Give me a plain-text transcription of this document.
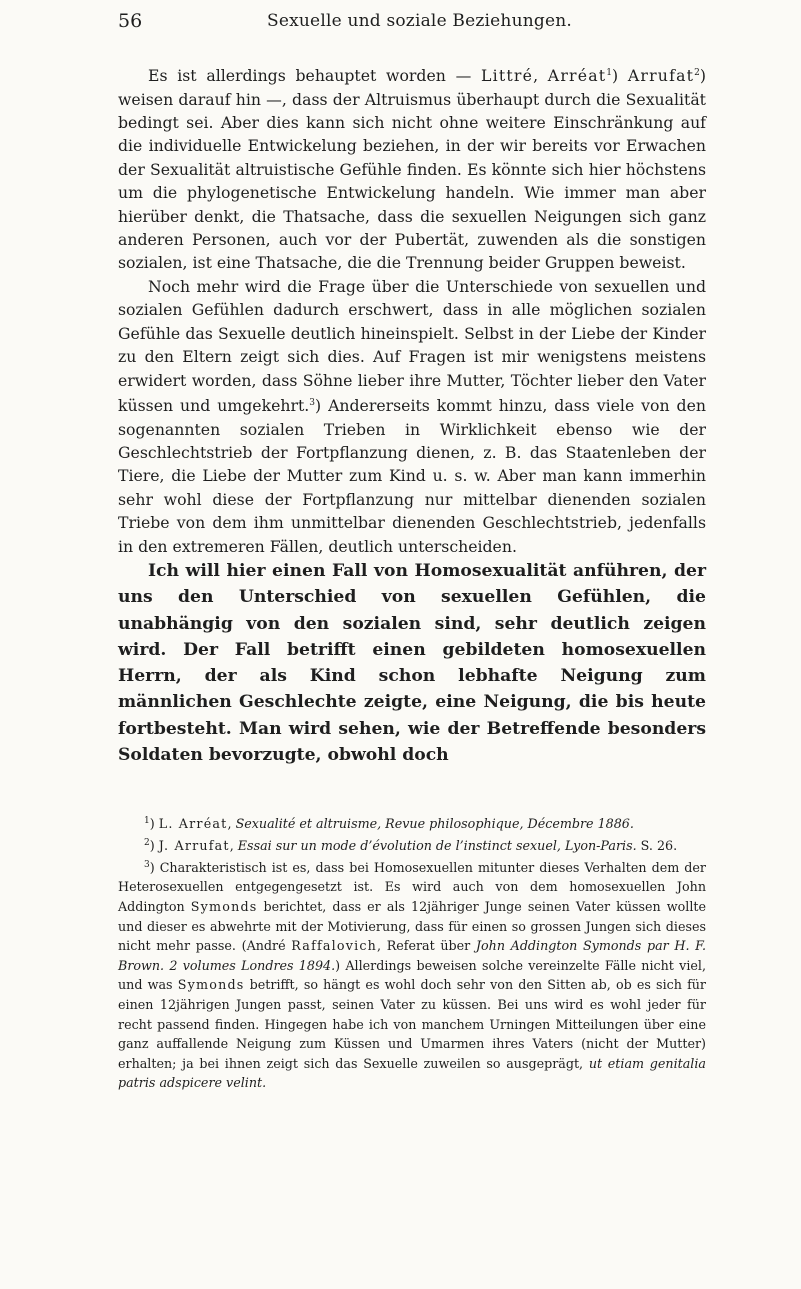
56	Sexuelle und soziale Beziehungen.

Es ist allerdings behauptet worden — Littré, Arréat$^1$) Arrufat$^2$) weisen darauf hin —, dass der Altruismus überhaupt durch die Sexualität bedingt sei. Aber dies kann sich nicht ohne weitere Einschränkung auf die individuelle Entwickelung beziehen, in der wir bereits vor Erwachen der Sexualität altruistische Gefühle finden. Es könnte sich hier höchstens um die phylogenetische Entwickelung handeln. Wie immer man aber hierüber denkt, die Thatsache, dass die sexuellen Neigungen sich ganz anderen Personen, auch vor der Pubertät, zuwenden als die sonstigen sozialen, ist eine Thatsache, die die Trennung beider Gruppen beweist.

Noch mehr wird die Frage über die Unterschiede von sexuellen und sozialen Gefühlen dadurch erschwert, dass in alle möglichen sozialen Gefühle das Sexuelle deutlich hineinspielt. Selbst in der Liebe der Kinder zu den Eltern zeigt sich dies. Auf Fragen ist mir wenigstens meistens erwidert worden, dass Söhne lieber ihre Mutter, Töchter lieber den Vater küssen und umgekehrt.$^3$) Andererseits kommt hinzu, dass viele von den sogenannten sozialen Trieben in Wirklichkeit ebenso wie der Geschlechtstrieb der Fortpflanzung dienen, z. B. das Staatenleben der Tiere, die Liebe der Mutter zum Kind u. s. w. Aber man kann immerhin sehr wohl diese der Fortpflanzung nur mittelbar dienenden sozialen Triebe von dem ihm unmittelbar dienenden Geschlechtstrieb, jedenfalls in den extremeren Fällen, deutlich unterscheiden.

Ich will hier einen Fall von Homosexualität anführen, der uns den Unterschied von sexuellen Gefühlen, die unabhängig von den sozialen sind, sehr deutlich zeigen wird. Der Fall betrifft einen gebildeten homosexuellen Herrn, der als Kind schon lebhafte Neigung zum männlichen Geschlechte zeigte, eine Neigung, die bis heute fortbesteht. Man wird sehen, wie der Betreffende besonders Soldaten bevorzugte, obwohl doch

$^1$) L. Arréat, Sexualité et altruisme, Revue philosophique, Décembre 1886.

$^2$) J. Arrufat, Essai sur un mode d’évolution de l’instinct sexuel, Lyon-Paris. S. 26.

$^3$) Charakteristisch ist es, dass bei Homosexuellen mitunter dieses Verhalten dem der Heterosexuellen entgegengesetzt ist. Es wird auch von dem homosexuellen John Addington Symonds berichtet, dass er als 12jähriger Junge seinen Vater küssen wollte und dieser es abwehrte mit der Motivierung, dass für einen so grossen Jungen sich dieses nicht mehr passe. (André Raffalovich, Referat über John Addington Symonds par H. F. Brown. 2 volumes Londres 1894.) Allerdings beweisen solche vereinzelte Fälle nicht viel, und was Symonds betrifft, so hängt es wohl doch sehr von den Sitten ab, ob es sich für einen 12jährigen Jungen passt, seinen Vater zu küssen. Bei uns wird es wohl jeder für recht passend finden. Hingegen habe ich von manchem Urningen Mitteilungen über eine ganz auffallende Neigung zum Küssen und Umarmen ihres Vaters (nicht der Mutter) erhalten; ja bei ihnen zeigt sich das Sexuelle zuweilen so ausgeprägt, ut etiam genitalia patris adspicere velint.
